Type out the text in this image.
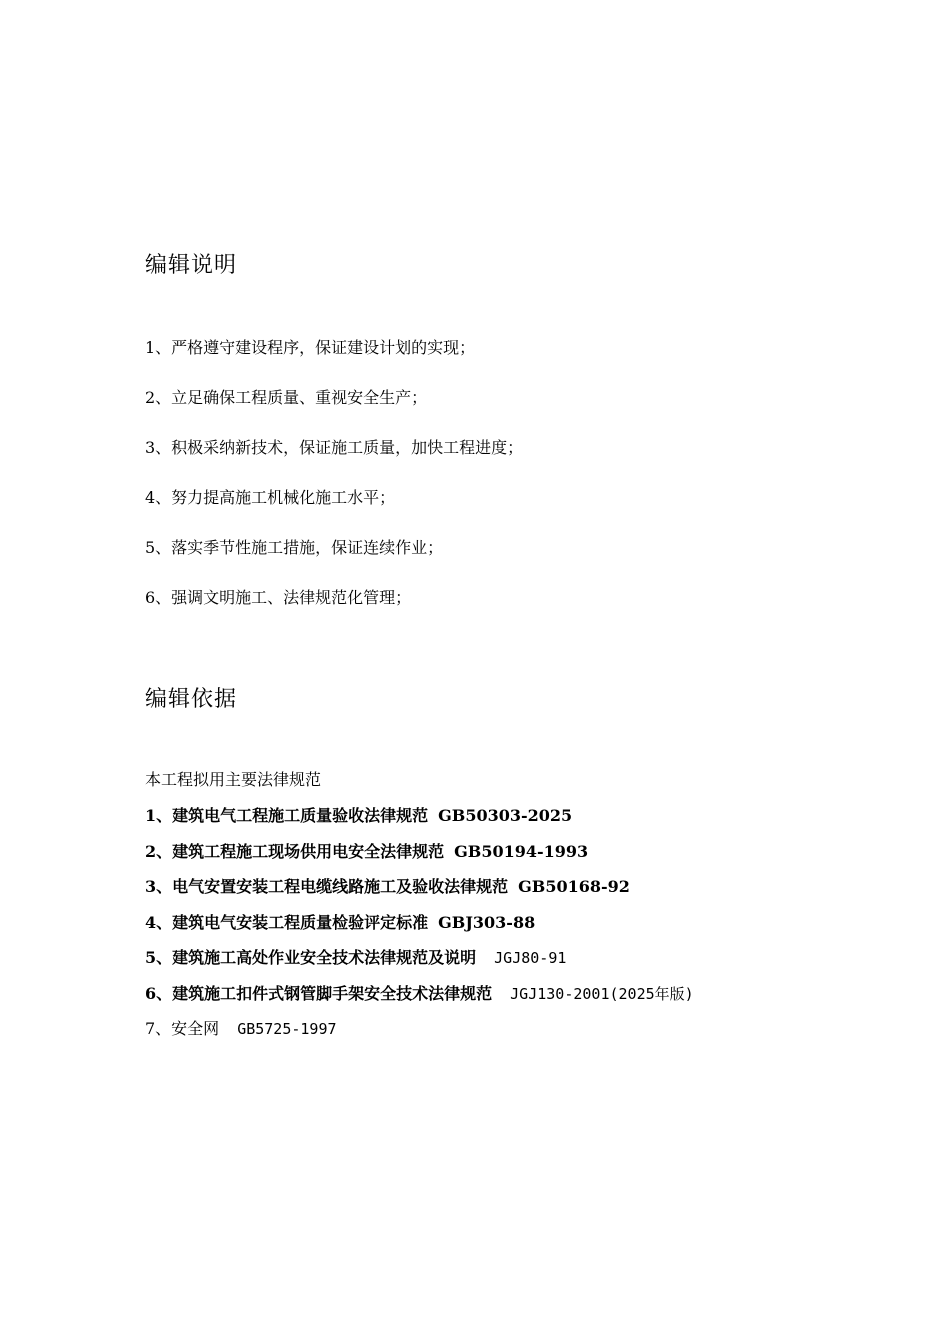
编辑说明
1、严格遵守建设程序，保证建设计划的实现；
2、立足确保工程质量、重视安全生产；
3、积极采纳新技术，保证施工质量，加快工程进度；
4、努力提高施工机械化施工水平；
5、落实季节性施工措施，保证连续作业；
6、强调文明施工、法律规范化管理；
编辑依据
本工程拟用主要法律规范
1、建筑电气工程施工质量验收法律规范 GB50303-2025
2、建筑工程施工现场供用电安全法律规范 GB50194-1993
3、电气安置安装工程电缆线路施工及验收法律规范 GB50168-92
4、建筑电气安装工程质量检验评定标准 GBJ303-88
5、建筑施工高处作业安全技术法律规范及说明 JGJ80-91
6、建筑施工扣件式钢管脚手架安全技术法律规范 JGJ130-2001(2025年版)
7、安全网 GB5725-1997
